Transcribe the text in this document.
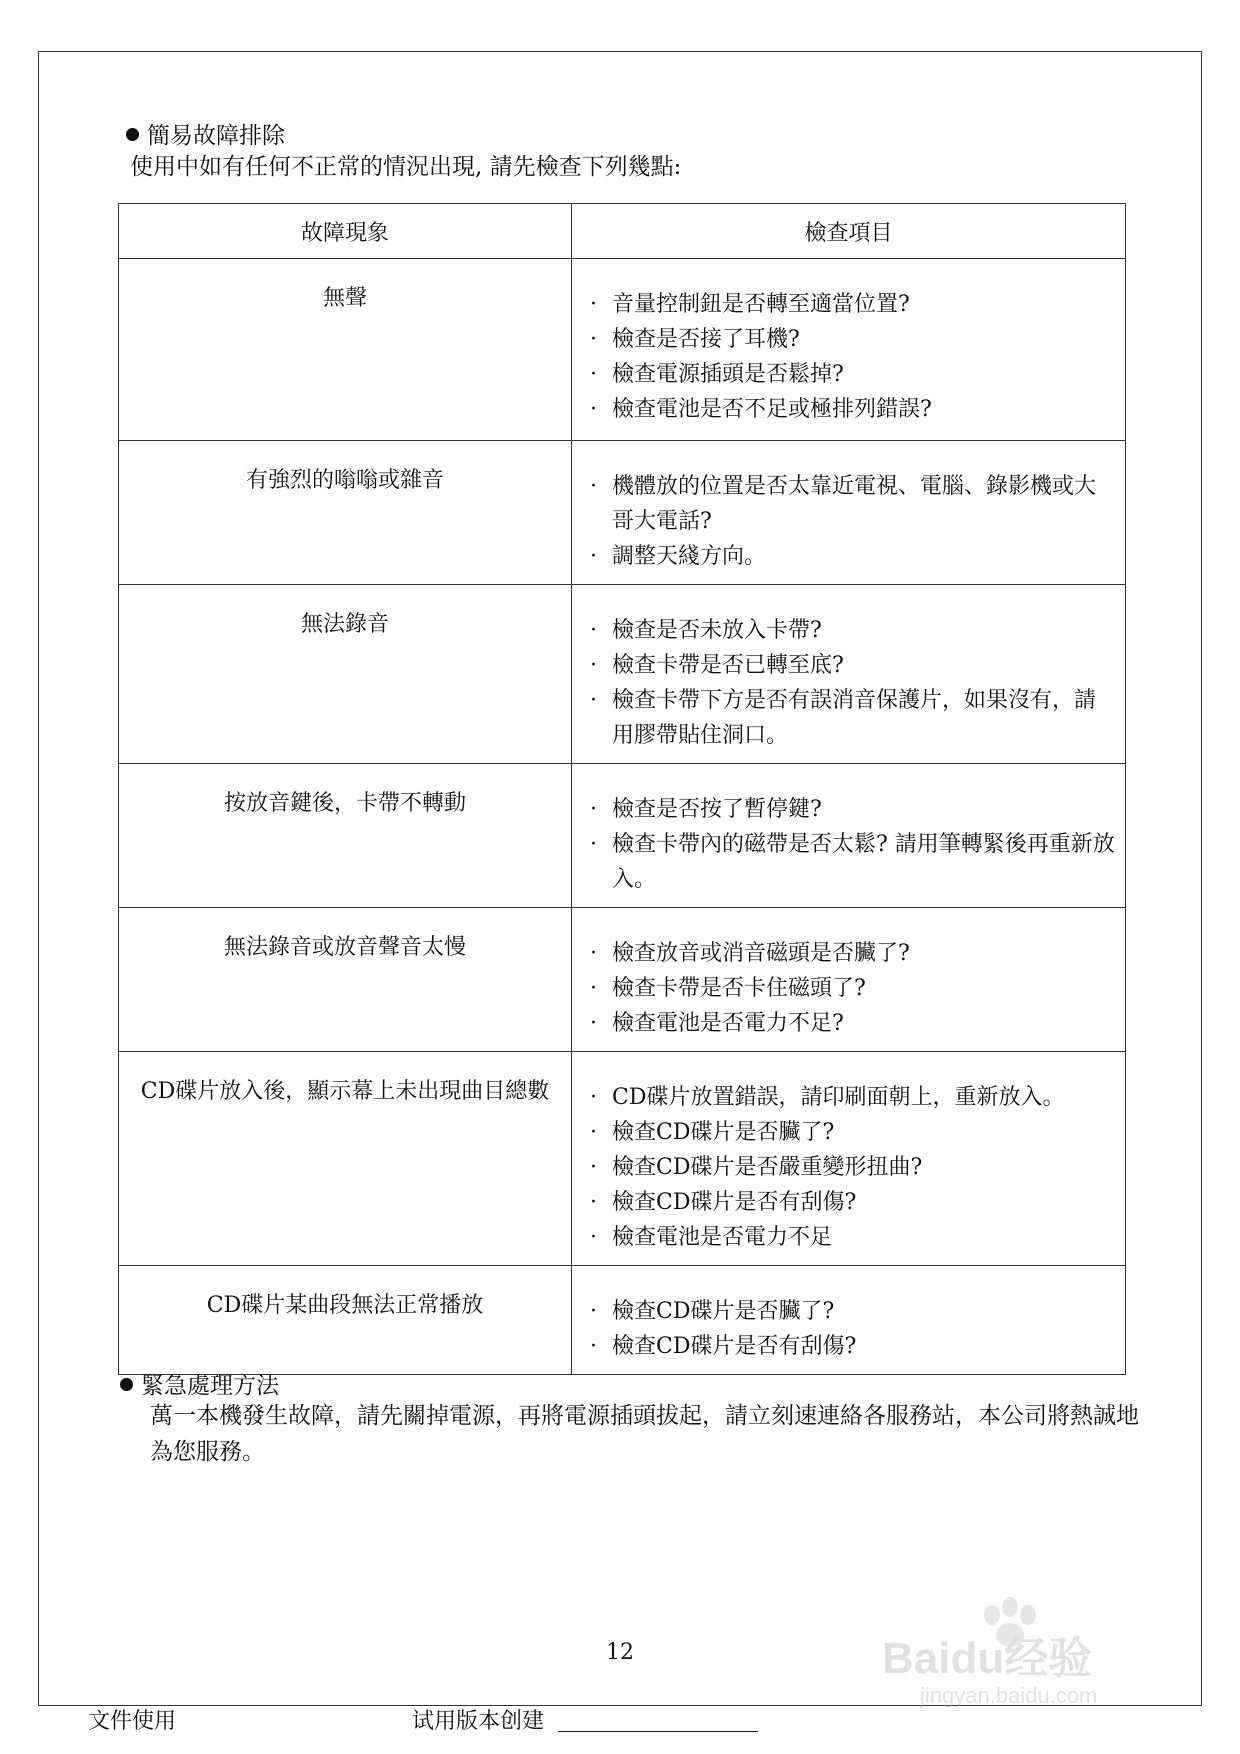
簡易故障排除
使用中如有任何不正常的情況出現, 請先檢查下列幾點:
故障現象	檢查項目
無聲	· 音量控制鈕是否轉至適當位置?
· 檢查是否接了耳機?
· 檢查電源插頭是否鬆掉?
· 檢查電池是否不足或極排列錯誤?

有強烈的嗡嗡或雜音	· 機體放的位置是否太靠近電視、電腦、錄影機或大哥大電話?
· 調整天綫方向。

無法錄音	· 檢查是否未放入卡帶?
· 檢查卡帶是否已轉至底?
· 檢查卡帶下方是否有誤消音保護片，如果沒有，請用膠帶貼住洞口。

按放音鍵後，卡帶不轉動	· 檢查是否按了暫停鍵?
· 檢查卡帶內的磁帶是否太鬆? 請用筆轉緊後再重新放入。

無法錄音或放音聲音太慢	· 檢查放音或消音磁頭是否臟了?
· 檢查卡帶是否卡住磁頭了?
· 檢查電池是否電力不足?

CD碟片放入後，顯示幕上未出現曲目總數	· CD碟片放置錯誤，請印刷面朝上，重新放入。
· 檢查CD碟片是否臟了?
· 檢查CD碟片是否嚴重變形扭曲?
· 檢查CD碟片是否有刮傷?
· 檢查電池是否電力不足

CD碟片某曲段無法正常播放	· 檢查CD碟片是否臟了?
· 檢查CD碟片是否有刮傷?
緊急處理方法
萬一本機發生故障，請先關掉電源，再將電源插頭拔起，請立刻速連絡各服務站，本公司將熱誠地為您服務。
12
文件使用	试用版本创建
Baidu经验
jingyan.baidu.com
